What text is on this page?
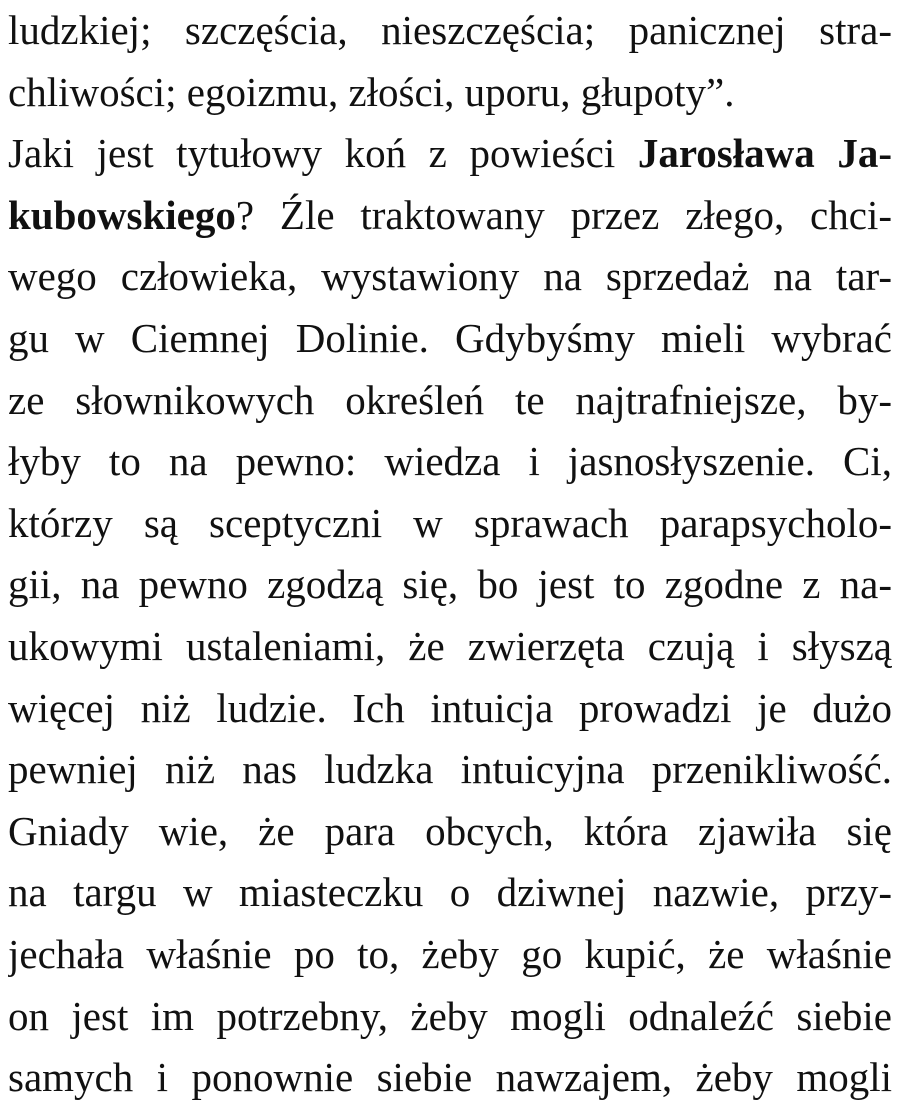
ludzkiej; szczęścia, nieszczęścia; panicznej stra-
chliwości; egoizmu, złości, uporu, głupoty”.
Jaki jest tytułowy koń z powieści Jarosława Ja-
kubowskiego? Źle traktowany przez złego, chci-
wego człowieka, wystawiony na sprzedaż na tar-
gu w Ciemnej Dolinie. Gdybyśmy mieli wybrać
ze słownikowych określeń te najtrafniejsze, by-
łyby to na pewno: wiedza i jasnosłyszenie. Ci,
którzy są sceptyczni w sprawach parapsycholo-
gii, na pewno zgodzą się, bo jest to zgodne z na-
ukowymi ustaleniami, że zwierzęta czują i słyszą
więcej niż ludzie. Ich intuicja prowadzi je dużo
pewniej niż nas ludzka intuicyjna przenikliwość.
Gniady wie, że para obcych, która zjawiła się
na targu w miasteczku o dziwnej nazwie, przy-
jechała właśnie po to, żeby go kupić, że właśnie
on jest im potrzebny, żeby mogli odnaleźć siebie
samych i ponownie siebie nawzajem, żeby mogli
